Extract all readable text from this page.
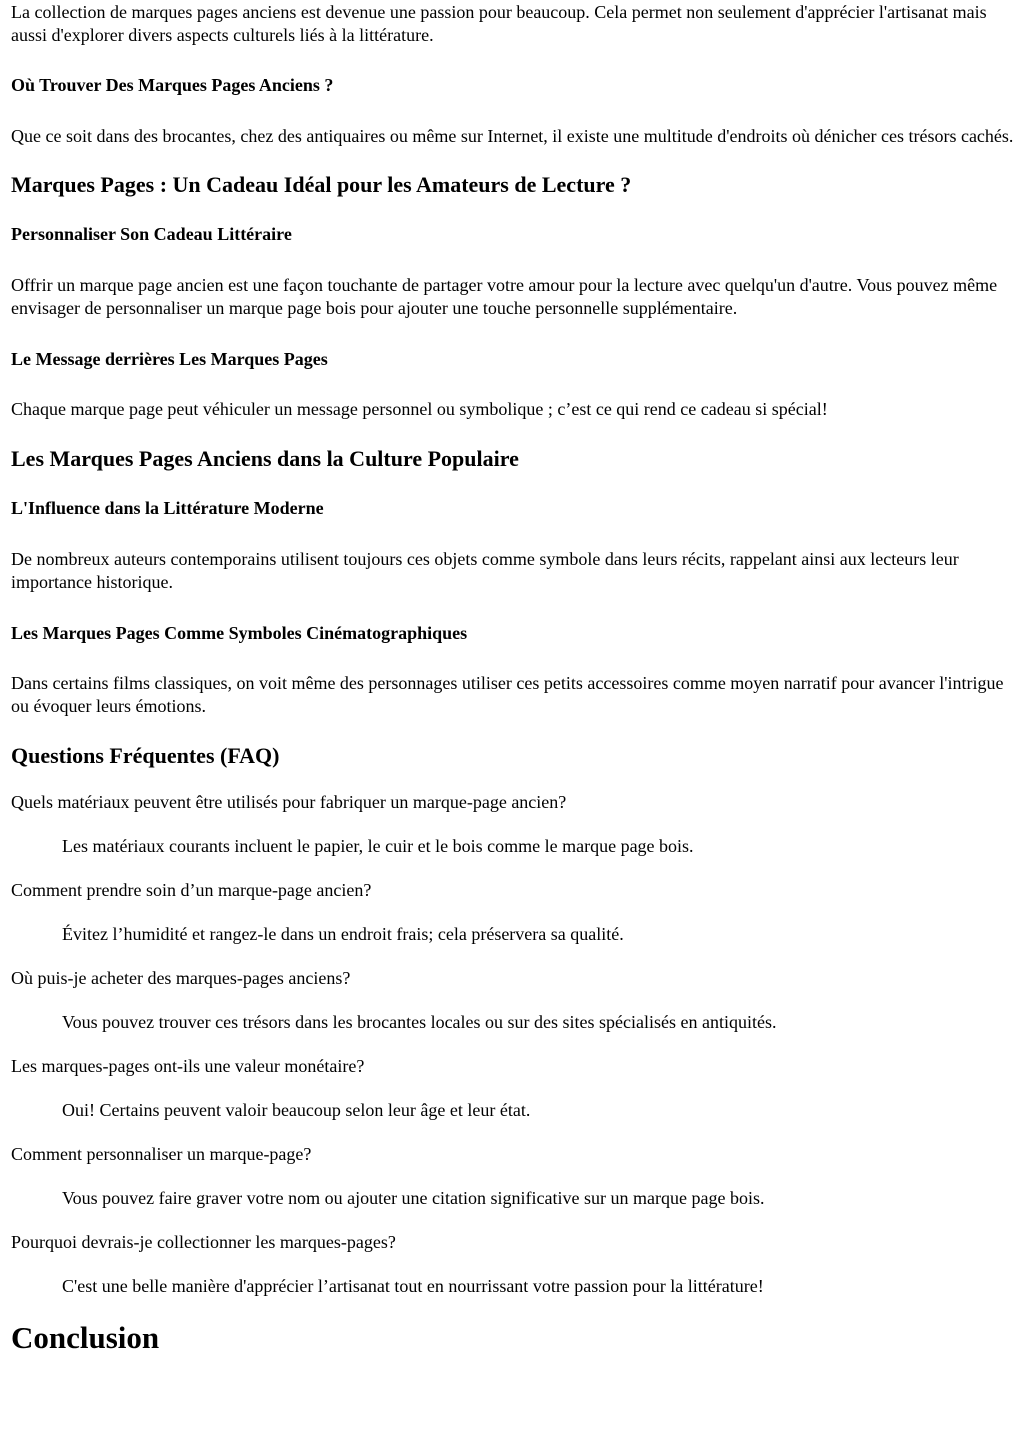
La collection de marques pages anciens est devenue une passion pour beaucoup. Cela permet non seulement d'apprécier l'artisanat mais aussi d'explorer divers aspects culturels liés à la littérature.

Où Trouver Des Marques Pages Anciens ?

Que ce soit dans des brocantes, chez des antiquaires ou même sur Internet, il existe une multitude d'endroits où dénicher ces trésors cachés.

Marques Pages : Un Cadeau Idéal pour les Amateurs de Lecture ?
Personnaliser Son Cadeau Littéraire

Offrir un marque page ancien est une façon touchante de partager votre amour pour la lecture avec quelqu'un d'autre. Vous pouvez même envisager de personnaliser un marque page bois pour ajouter une touche personnelle supplémentaire.

Le Message derrières Les Marques Pages

Chaque marque page peut véhiculer un message personnel ou symbolique ; c’est ce qui rend ce cadeau si spécial!

Les Marques Pages Anciens dans la Culture Populaire
L'Influence dans la Littérature Moderne

De nombreux auteurs contemporains utilisent toujours ces objets comme symbole dans leurs récits, rappelant ainsi aux lecteurs leur importance historique.

Les Marques Pages Comme Symboles Cinématographiques

Dans certains films classiques, on voit même des personnages utiliser ces petits accessoires comme moyen narratif pour avancer l'intrigue ou évoquer leurs émotions.

Questions Fréquentes (FAQ)
Quels matériaux peuvent être utilisés pour fabriquer un marque-page ancien?
Les matériaux courants incluent le papier, le cuir et le bois comme le marque page bois.
Comment prendre soin d’un marque-page ancien?
Évitez l’humidité et rangez-le dans un endroit frais; cela préservera sa qualité.
Où puis-je acheter des marques-pages anciens?
Vous pouvez trouver ces trésors dans les brocantes locales ou sur des sites spécialisés en antiquités.
Les marques-pages ont-ils une valeur monétaire?
Oui! Certains peuvent valoir beaucoup selon leur âge et leur état.
Comment personnaliser un marque-page?
Vous pouvez faire graver votre nom ou ajouter une citation significative sur un marque page bois.
Pourquoi devrais-je collectionner les marques-pages?
C'est une belle manière d'apprécier l’artisanat tout en nourrissant votre passion pour la littérature!
Conclusion
